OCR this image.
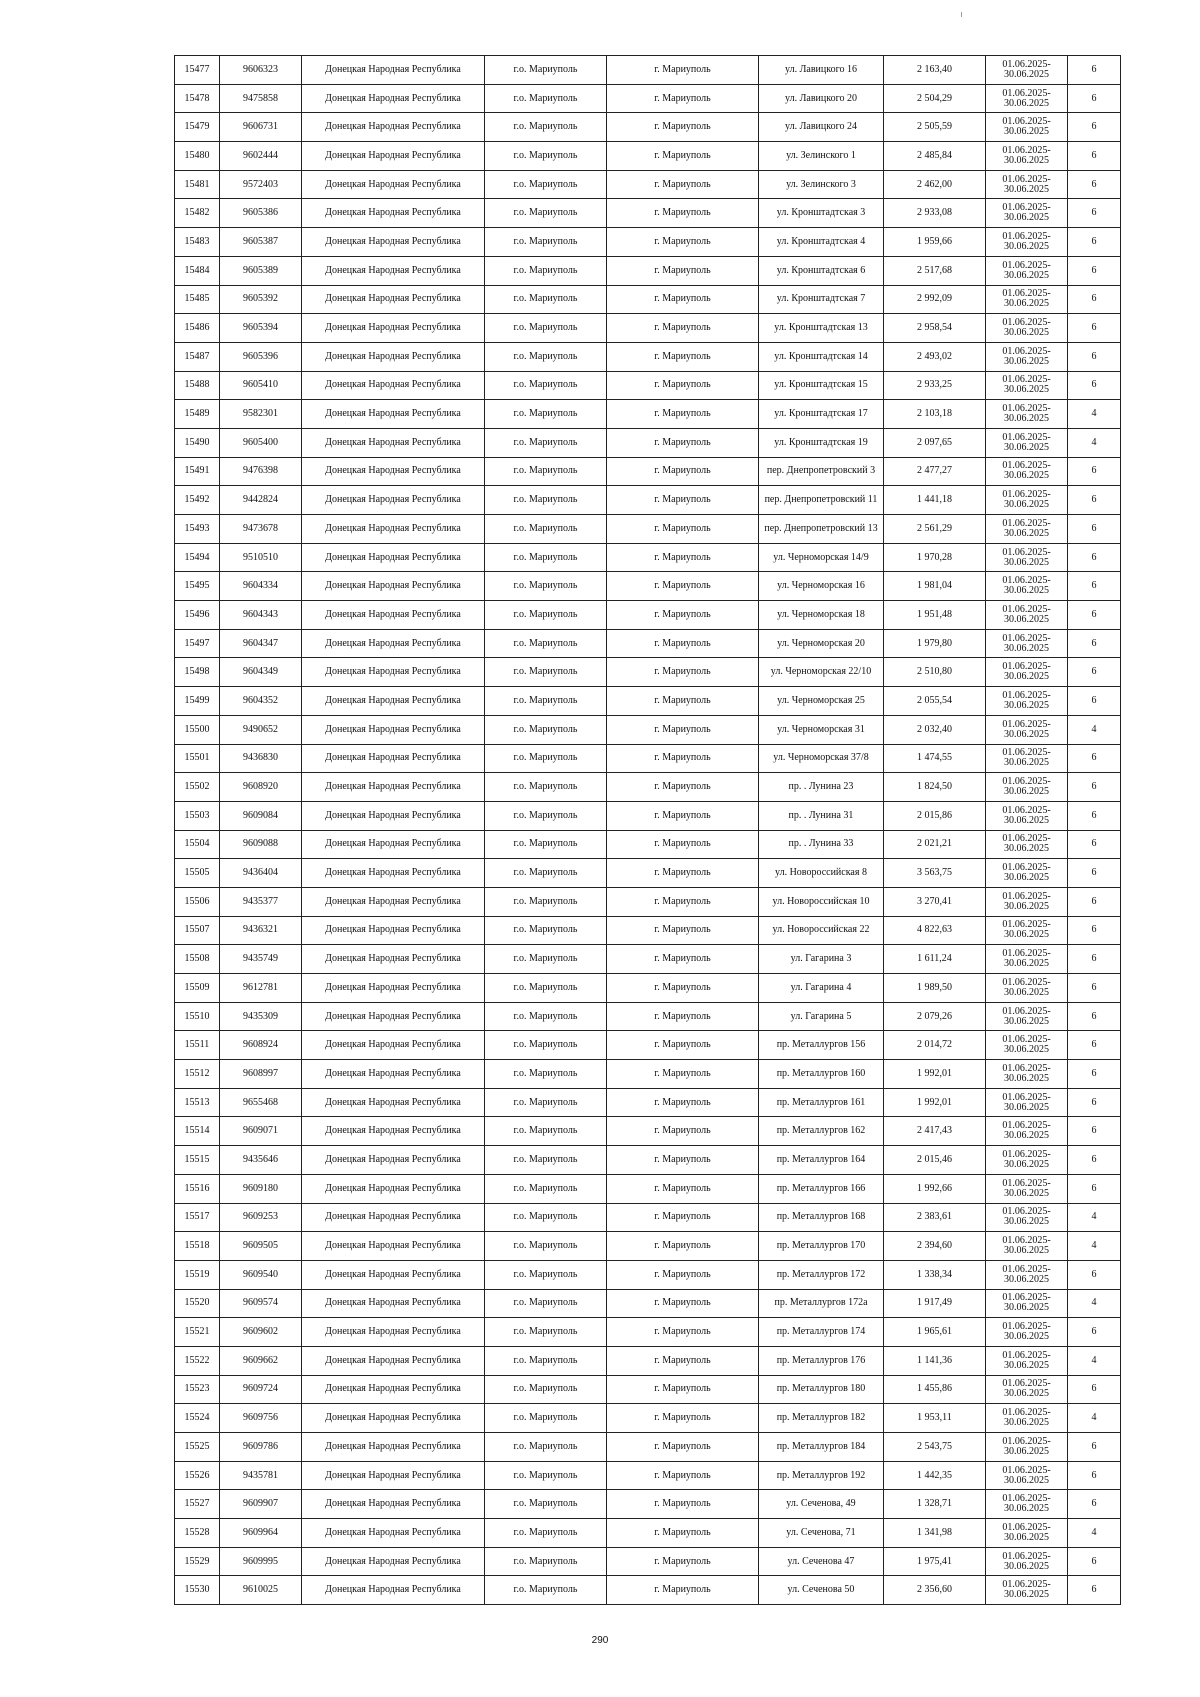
15477	9606323	Донецкая Народная Республика	г.о. Мариуполь	г. Мариуполь	ул. Лавицкого 16	2 163,40	01.06.2025-30.06.2025	6
15478	9475858	Донецкая Народная Республика	г.о. Мариуполь	г. Мариуполь	ул. Лавицкого 20	2 504,29	01.06.2025-30.06.2025	6
15479	9606731	Донецкая Народная Республика	г.о. Мариуполь	г. Мариуполь	ул. Лавицкого 24	2 505,59	01.06.2025-30.06.2025	6
15480	9602444	Донецкая Народная Республика	г.о. Мариуполь	г. Мариуполь	ул. Зелинского 1	2 485,84	01.06.2025-30.06.2025	6
15481	9572403	Донецкая Народная Республика	г.о. Мариуполь	г. Мариуполь	ул. Зелинского 3	2 462,00	01.06.2025-30.06.2025	6
15482	9605386	Донецкая Народная Республика	г.о. Мариуполь	г. Мариуполь	ул. Кронштадтская 3	2 933,08	01.06.2025-30.06.2025	6
15483	9605387	Донецкая Народная Республика	г.о. Мариуполь	г. Мариуполь	ул. Кронштадтская 4	1 959,66	01.06.2025-30.06.2025	6
15484	9605389	Донецкая Народная Республика	г.о. Мариуполь	г. Мариуполь	ул. Кронштадтская 6	2 517,68	01.06.2025-30.06.2025	6
15485	9605392	Донецкая Народная Республика	г.о. Мариуполь	г. Мариуполь	ул. Кронштадтская 7	2 992,09	01.06.2025-30.06.2025	6
15486	9605394	Донецкая Народная Республика	г.о. Мариуполь	г. Мариуполь	ул. Кронштадтская 13	2 958,54	01.06.2025-30.06.2025	6
15487	9605396	Донецкая Народная Республика	г.о. Мариуполь	г. Мариуполь	ул. Кронштадтская 14	2 493,02	01.06.2025-30.06.2025	6
15488	9605410	Донецкая Народная Республика	г.о. Мариуполь	г. Мариуполь	ул. Кронштадтская 15	2 933,25	01.06.2025-30.06.2025	6
15489	9582301	Донецкая Народная Республика	г.о. Мариуполь	г. Мариуполь	ул. Кронштадтская 17	2 103,18	01.06.2025-30.06.2025	4
15490	9605400	Донецкая Народная Республика	г.о. Мариуполь	г. Мариуполь	ул. Кронштадтская 19	2 097,65	01.06.2025-30.06.2025	4
15491	9476398	Донецкая Народная Республика	г.о. Мариуполь	г. Мариуполь	пер. Днепропетровский 3	2 477,27	01.06.2025-30.06.2025	6
15492	9442824	Донецкая Народная Республика	г.о. Мариуполь	г. Мариуполь	пер. Днепропетровский 11	1 441,18	01.06.2025-30.06.2025	6
15493	9473678	Донецкая Народная Республика	г.о. Мариуполь	г. Мариуполь	пер. Днепропетровский 13	2 561,29	01.06.2025-30.06.2025	6
15494	9510510	Донецкая Народная Республика	г.о. Мариуполь	г. Мариуполь	ул. Черноморская 14/9	1 970,28	01.06.2025-30.06.2025	6
15495	9604334	Донецкая Народная Республика	г.о. Мариуполь	г. Мариуполь	ул. Черноморская 16	1 981,04	01.06.2025-30.06.2025	6
15496	9604343	Донецкая Народная Республика	г.о. Мариуполь	г. Мариуполь	ул. Черноморская 18	1 951,48	01.06.2025-30.06.2025	6
15497	9604347	Донецкая Народная Республика	г.о. Мариуполь	г. Мариуполь	ул. Черноморская 20	1 979,80	01.06.2025-30.06.2025	6
15498	9604349	Донецкая Народная Республика	г.о. Мариуполь	г. Мариуполь	ул. Черноморская 22/10	2 510,80	01.06.2025-30.06.2025	6
15499	9604352	Донецкая Народная Республика	г.о. Мариуполь	г. Мариуполь	ул. Черноморская 25	2 055,54	01.06.2025-30.06.2025	6
15500	9490652	Донецкая Народная Республика	г.о. Мариуполь	г. Мариуполь	ул. Черноморская 31	2 032,40	01.06.2025-30.06.2025	4
15501	9436830	Донецкая Народная Республика	г.о. Мариуполь	г. Мариуполь	ул. Черноморская 37/8	1 474,55	01.06.2025-30.06.2025	6
15502	9608920	Донецкая Народная Республика	г.о. Мариуполь	г. Мариуполь	пр. . Лунина 23	1 824,50	01.06.2025-30.06.2025	6
15503	9609084	Донецкая Народная Республика	г.о. Мариуполь	г. Мариуполь	пр. . Лунина 31	2 015,86	01.06.2025-30.06.2025	6
15504	9609088	Донецкая Народная Республика	г.о. Мариуполь	г. Мариуполь	пр. . Лунина 33	2 021,21	01.06.2025-30.06.2025	6
15505	9436404	Донецкая Народная Республика	г.о. Мариуполь	г. Мариуполь	ул. Новороссийская 8	3 563,75	01.06.2025-30.06.2025	6
15506	9435377	Донецкая Народная Республика	г.о. Мариуполь	г. Мариуполь	ул. Новороссийская 10	3 270,41	01.06.2025-30.06.2025	6
15507	9436321	Донецкая Народная Республика	г.о. Мариуполь	г. Мариуполь	ул. Новороссийская 22	4 822,63	01.06.2025-30.06.2025	6
15508	9435749	Донецкая Народная Республика	г.о. Мариуполь	г. Мариуполь	ул. Гагарина 3	1 611,24	01.06.2025-30.06.2025	6
15509	9612781	Донецкая Народная Республика	г.о. Мариуполь	г. Мариуполь	ул. Гагарина 4	1 989,50	01.06.2025-30.06.2025	6
15510	9435309	Донецкая Народная Республика	г.о. Мариуполь	г. Мариуполь	ул. Гагарина 5	2 079,26	01.06.2025-30.06.2025	6
15511	9608924	Донецкая Народная Республика	г.о. Мариуполь	г. Мариуполь	пр. Металлургов 156	2 014,72	01.06.2025-30.06.2025	6
15512	9608997	Донецкая Народная Республика	г.о. Мариуполь	г. Мариуполь	пр. Металлургов 160	1 992,01	01.06.2025-30.06.2025	6
15513	9655468	Донецкая Народная Республика	г.о. Мариуполь	г. Мариуполь	пр. Металлургов 161	1 992,01	01.06.2025-30.06.2025	6
15514	9609071	Донецкая Народная Республика	г.о. Мариуполь	г. Мариуполь	пр. Металлургов 162	2 417,43	01.06.2025-30.06.2025	6
15515	9435646	Донецкая Народная Республика	г.о. Мариуполь	г. Мариуполь	пр. Металлургов 164	2 015,46	01.06.2025-30.06.2025	6
15516	9609180	Донецкая Народная Республика	г.о. Мариуполь	г. Мариуполь	пр. Металлургов 166	1 992,66	01.06.2025-30.06.2025	6
15517	9609253	Донецкая Народная Республика	г.о. Мариуполь	г. Мариуполь	пр. Металлургов 168	2 383,61	01.06.2025-30.06.2025	4
15518	9609505	Донецкая Народная Республика	г.о. Мариуполь	г. Мариуполь	пр. Металлургов 170	2 394,60	01.06.2025-30.06.2025	4
15519	9609540	Донецкая Народная Республика	г.о. Мариуполь	г. Мариуполь	пр. Металлургов 172	1 338,34	01.06.2025-30.06.2025	6
15520	9609574	Донецкая Народная Республика	г.о. Мариуполь	г. Мариуполь	пр. Металлургов 172а	1 917,49	01.06.2025-30.06.2025	4
15521	9609602	Донецкая Народная Республика	г.о. Мариуполь	г. Мариуполь	пр. Металлургов 174	1 965,61	01.06.2025-30.06.2025	6
15522	9609662	Донецкая Народная Республика	г.о. Мариуполь	г. Мариуполь	пр. Металлургов 176	1 141,36	01.06.2025-30.06.2025	4
15523	9609724	Донецкая Народная Республика	г.о. Мариуполь	г. Мариуполь	пр. Металлургов 180	1 455,86	01.06.2025-30.06.2025	6
15524	9609756	Донецкая Народная Республика	г.о. Мариуполь	г. Мариуполь	пр. Металлургов 182	1 953,11	01.06.2025-30.06.2025	4
15525	9609786	Донецкая Народная Республика	г.о. Мариуполь	г. Мариуполь	пр. Металлургов 184	2 543,75	01.06.2025-30.06.2025	6
15526	9435781	Донецкая Народная Республика	г.о. Мариуполь	г. Мариуполь	пр. Металлургов 192	1 442,35	01.06.2025-30.06.2025	6
15527	9609907	Донецкая Народная Республика	г.о. Мариуполь	г. Мариуполь	ул. Сеченова, 49	1 328,71	01.06.2025-30.06.2025	6
15528	9609964	Донецкая Народная Республика	г.о. Мариуполь	г. Мариуполь	ул. Сеченова, 71	1 341,98	01.06.2025-30.06.2025	4
15529	9609995	Донецкая Народная Республика	г.о. Мариуполь	г. Мариуполь	ул. Сеченова 47	1 975,41	01.06.2025-30.06.2025	6
15530	9610025	Донецкая Народная Республика	г.о. Мариуполь	г. Мариуполь	ул. Сеченова 50	2 356,60	01.06.2025-30.06.2025	6
290
